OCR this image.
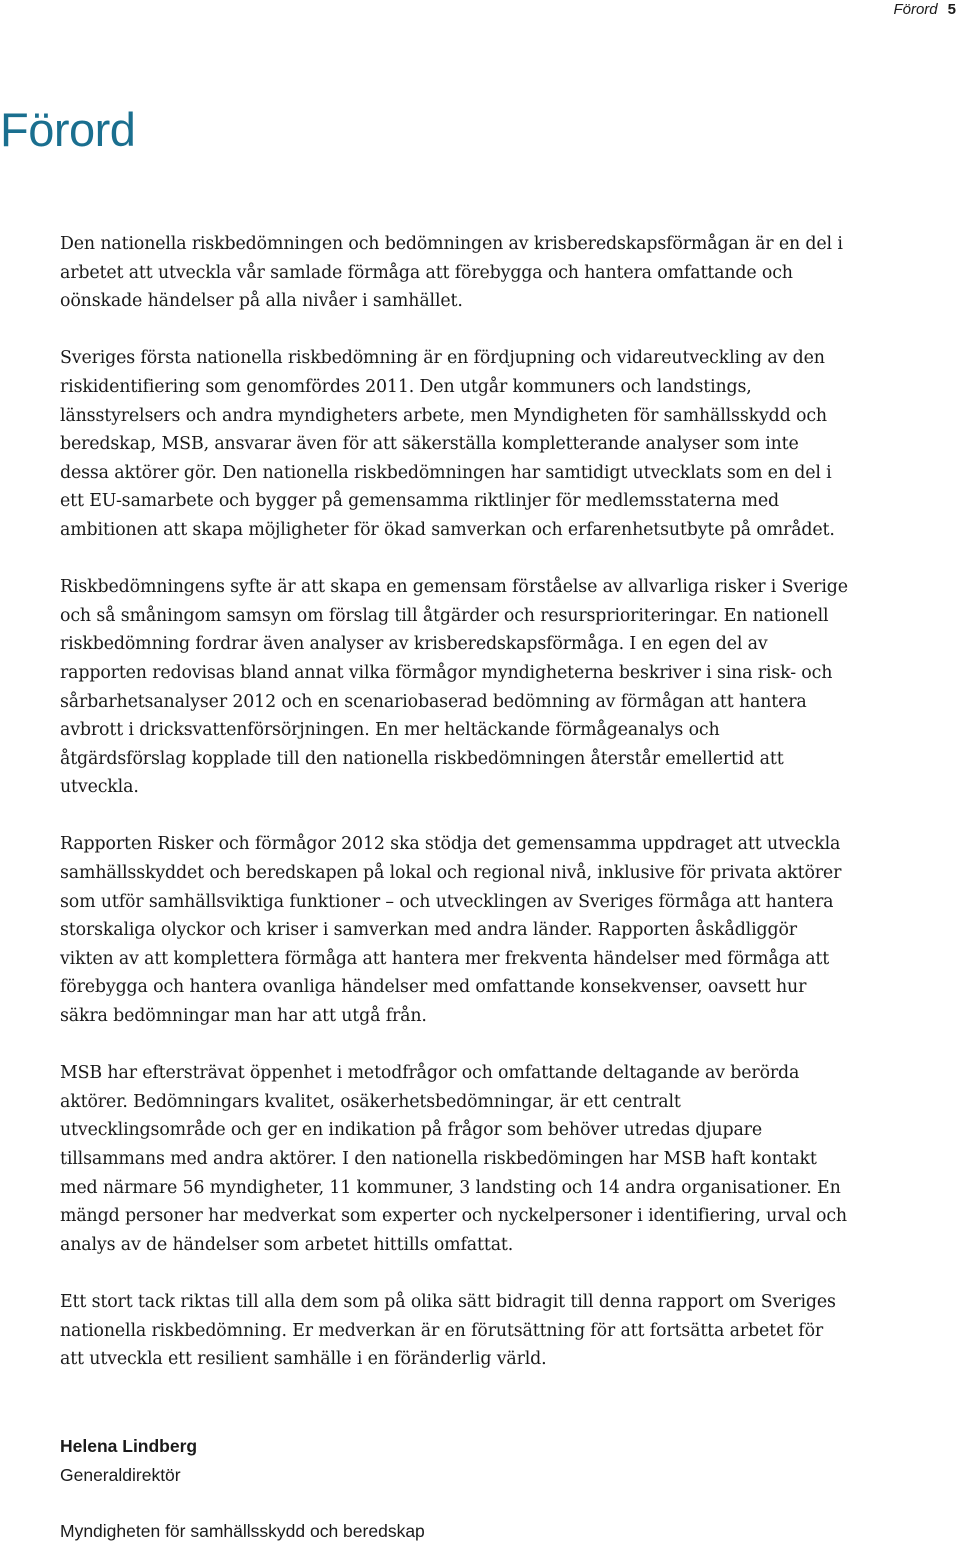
Förord 5
Förord

Den nationella riskbedömningen och bedömningen av krisberedskapsförmågan är en del i arbetet att utveckla vår samlade förmåga att förebygga och hantera omfattande och oönskade händelser på alla nivåer i samhället.

Sveriges första nationella riskbedömning är en fördjupning och vidareutveckling av den riskidentifiering som genomfördes 2011. Den utgår kommuners och landstings, länsstyrelsers och andra myndigheters arbete, men Myndigheten för samhällsskydd och beredskap, MSB, ansvarar även för att säkerställa kompletterande analyser som inte dessa aktörer gör. Den nationella riskbedömningen har samtidigt utvecklats som en del i ett EU-samarbete och bygger på gemensamma riktlinjer för medlemsstaterna med ambitionen att skapa möjligheter för ökad samverkan och erfarenhetsutbyte på området.

Riskbedömningens syfte är att skapa en gemensam förståelse av allvarliga risker i Sverige och så småningom samsyn om förslag till åtgärder och resursprioriteringar. En nationell riskbedömning fordrar även analyser av krisberedskapsförmåga. I en egen del av rapporten redovisas bland annat vilka förmågor myndigheterna beskriver i sina risk- och sårbarhetsanalyser 2012 och en scenariobaserad bedömning av förmågan att hantera avbrott i dricksvattenförsörjningen. En mer heltäckande förmågeanalys och åtgärdsförslag kopplade till den nationella riskbedömningen återstår emellertid att utveckla.

Rapporten Risker och förmågor 2012 ska stödja det gemensamma uppdraget att utveckla samhällsskyddet och beredskapen på lokal och regional nivå, inklusive för privata aktörer som utför samhällsviktiga funktioner – och utvecklingen av Sveriges förmåga att hantera storskaliga olyckor och kriser i samverkan med andra länder. Rapporten åskådliggör vikten av att komplettera förmåga att hantera mer frekventa händelser med förmåga att förebygga och hantera ovanliga händelser med omfattande konsekvenser, oavsett hur säkra bedömningar man har att utgå från.

MSB har eftersträvat öppenhet i metodfrågor och omfattande deltagande av berörda aktörer. Bedömningars kvalitet, osäkerhetsbedömningar, är ett centralt utvecklingsområde och ger en indikation på frågor som behöver utredas djupare tillsammans med andra aktörer. I den nationella riskbedömingen har MSB haft kontakt med närmare 56 myndigheter, 11 kommuner, 3 landsting och 14 andra organisationer. En mängd personer har medverkat som experter och nyckelpersoner i identifiering, urval och analys av de händelser som arbetet hittills omfattat.

Ett stort tack riktas till alla dem som på olika sätt bidragit till denna rapport om Sveriges nationella riskbedömning. Er medverkan är en förutsättning för att fortsätta arbetet för att utveckla ett resilient samhälle i en föränderlig värld.

Helena Lindberg
Generaldirektör
Myndigheten för samhällsskydd och beredskap
